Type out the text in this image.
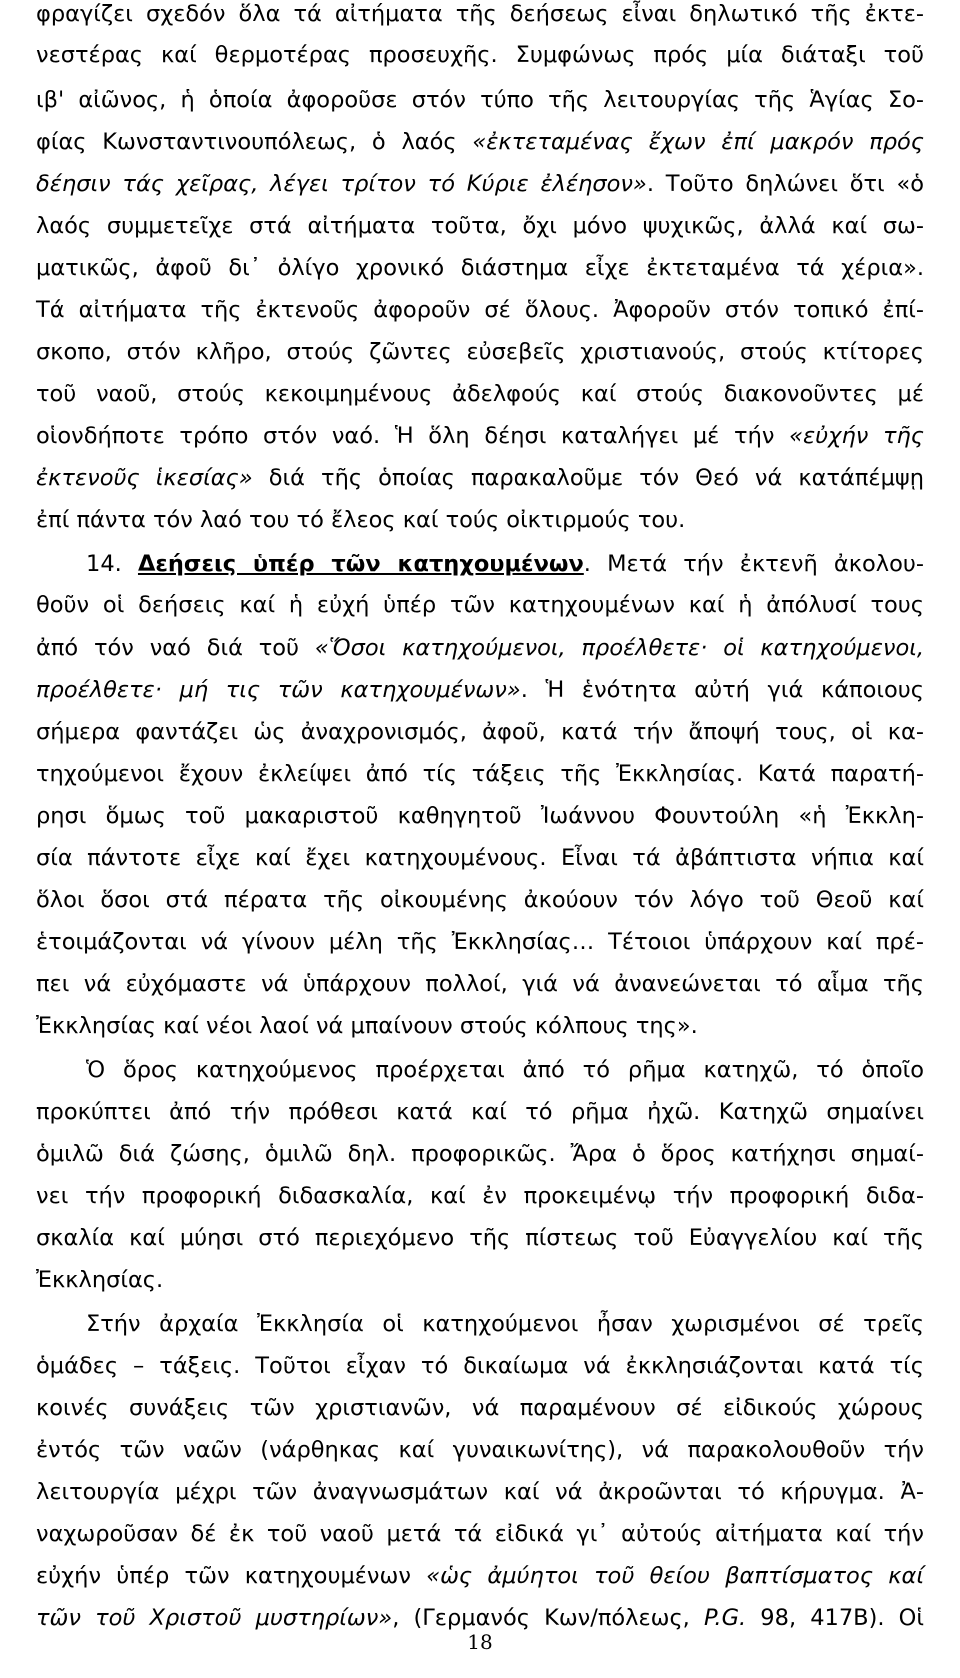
φραγίζει σχεδόν ὅλα τά αἰτήματα τῆς δεήσεως εἶναι δηλωτικό τῆς ἐκτε-
νεστέρας καί θερμοτέρας προσευχῆς. Συμφώνως πρός μία διάταξι τοῦ
ιβ' αἰῶνος, ἡ ὁποία ἀφοροῦσε στόν τύπο τῆς λειτουργίας τῆς Ἁγίας Σο-
φίας Κωνσταντινουπόλεως, ὁ λαός «ἐκτεταμένας ἔχων ἐπί μακρόν πρός
δέησιν τάς χεῖρας, λέγει τρίτον τό Κύριε ἐλέησον». Τοῦτο δηλώνει ὅτι «ὁ
λαός συμμετεῖχε στά αἰτήματα τοῦτα, ὄχι μόνο ψυχικῶς, ἀλλά καί σω-
ματικῶς, ἀφοῦ δι᾽ ὀλίγο χρονικό διάστημα εἶχε ἐκτεταμένα τά χέρια».
Τά αἰτήματα τῆς ἐκτενοῦς ἀφοροῦν σέ ὅλους. Ἀφοροῦν στόν τοπικό ἐπί-
σκοπο, στόν κλῆρο, στούς ζῶντες εὐσεβεῖς χριστιανούς, στούς κτίτορες
τοῦ ναοῦ, στούς κεκοιμημένους ἀδελφούς καί στούς διακονοῦντες μέ
οἱονδήποτε τρόπο στόν ναό. Ἡ ὅλη δέησι καταλήγει μέ τήν «εὐχήν τῆς
ἐκτενοῦς ἱκεσίας» διά τῆς ὁποίας παρακαλοῦμε τόν Θεό νά κατάπέμψῃ
ἐπί πάντα τόν λαό του τό ἔλεος καί τούς οἰκτιρμούς του.
14. Δεήσεις ὑπέρ τῶν κατηχουμένων. Μετά τήν ἐκτενῆ ἀκολου-
θοῦν οἱ δεήσεις καί ἡ εὐχή ὑπέρ τῶν κατηχουμένων καί ἡ ἀπόλυσί τους
ἀπό τόν ναό διά τοῦ «Ὅσοι κατηχούμενοι, προέλθετε· οἱ κατηχούμενοι,
προέλθετε· μή τις τῶν κατηχουμένων». Ἡ ἑνότητα αὐτή γιά κάποιους
σήμερα φαντάζει ὡς ἀναχρονισμός, ἀφοῦ, κατά τήν ἄποψή τους, οἱ κα-
τηχούμενοι ἔχουν ἐκλείψει ἀπό τίς τάξεις τῆς Ἐκκλησίας. Κατά παρατή-
ρησι ὅμως τοῦ μακαριστοῦ καθηγητοῦ Ἰωάννου Φουντούλη «ἡ Ἐκκλη-
σία πάντοτε εἶχε καί ἔχει κατηχουμένους. Εἶναι τά ἀβάπτιστα νήπια καί
ὅλοι ὅσοι στά πέρατα τῆς οἰκουμένης ἀκούουν τόν λόγο τοῦ Θεοῦ καί
ἑτοιμάζονται νά γίνουν μέλη τῆς Ἐκκλησίας… Τέτοιοι ὑπάρχουν καί πρέ-
πει νά εὐχόμαστε νά ὑπάρχουν πολλοί, γιά νά ἀνανεώνεται τό αἷμα τῆς
Ἐκκλησίας καί νέοι λαοί νά μπαίνουν στούς κόλπους της».
Ὁ ὅρος κατηχούμενος προέρχεται ἀπό τό ρῆμα κατηχῶ, τό ὁποῖο
προκύπτει ἀπό τήν πρόθεσι κατά καί τό ρῆμα ἠχῶ. Κατηχῶ σημαίνει
ὁμιλῶ διά ζώσης, ὁμιλῶ δηλ. προφορικῶς. Ἄρα ὁ ὅρος κατήχησι σημαί-
νει τήν προφορική διδασκαλία, καί ἐν προκειμένῳ τήν προφορική διδα-
σκαλία καί μύησι στό περιεχόμενο τῆς πίστεως τοῦ Εὐαγγελίου καί τῆς
Ἐκκλησίας.
Στήν ἀρχαία Ἐκκλησία οἱ κατηχούμενοι ἦσαν χωρισμένοι σέ τρεῖς
ὁμάδες – τάξεις. Τοῦτοι εἶχαν τό δικαίωμα νά ἐκκλησιάζονται κατά τίς
κοινές συνάξεις τῶν χριστιανῶν, νά παραμένουν σέ εἰδικούς χώρους
ἐντός τῶν ναῶν (νάρθηκας καί γυναικωνίτης), νά παρακολουθοῦν τήν
λειτουργία μέχρι τῶν ἀναγνωσμάτων καί νά ἀκροῶνται τό κήρυγμα. Ἀ-
ναχωροῦσαν δέ ἐκ τοῦ ναοῦ μετά τά εἰδικά γι᾽ αὐτούς αἰτήματα καί τήν
εὐχήν ὑπέρ τῶν κατηχουμένων «ὡς ἀμύητοι τοῦ θείου βαπτίσματος καί
τῶν τοῦ Χριστοῦ μυστηρίων», (Γερμανός Κων/πόλεως, P.G. 98, 417Β). Οἱ
18
